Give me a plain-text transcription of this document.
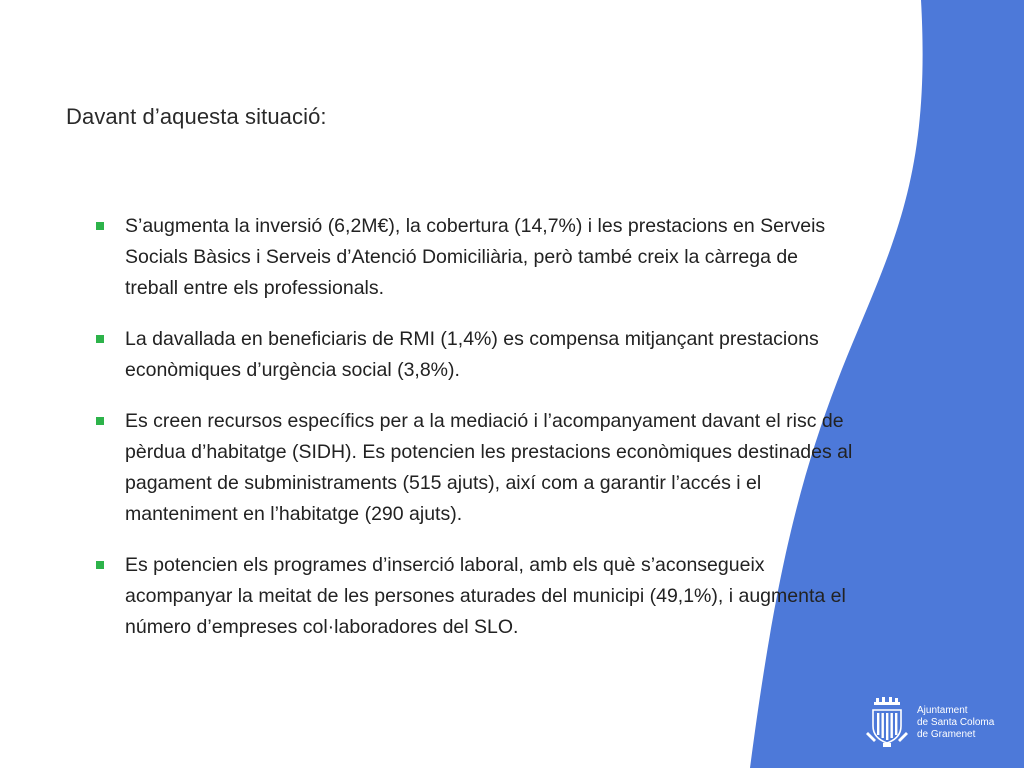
Davant d’aquesta situació:
S’augmenta la inversió (6,2M€), la cobertura (14,7%) i les prestacions en Serveis Socials Bàsics i Serveis d’Atenció Domiciliària, però també creix la càrrega de treball entre els professionals.
La davallada en beneficiaris de RMI (1,4%) es compensa mitjançant prestacions econòmiques d’urgència social (3,8%).
Es creen recursos específics per a la mediació i l’acompanyament davant el risc de pèrdua d’habitatge (SIDH). Es potencien les prestacions econòmiques destinades al pagament de subministraments (515 ajuts), així com a garantir l’accés i el manteniment en l’habitatge (290 ajuts).
Es potencien els programes d’inserció laboral, amb els què s’aconsegueix acompanyar la meitat de les persones aturades del municipi (49,1%), i augmenta el número d’empreses col·laboradores del SLO.
Ajuntament
de Santa Coloma
de Gramenet
